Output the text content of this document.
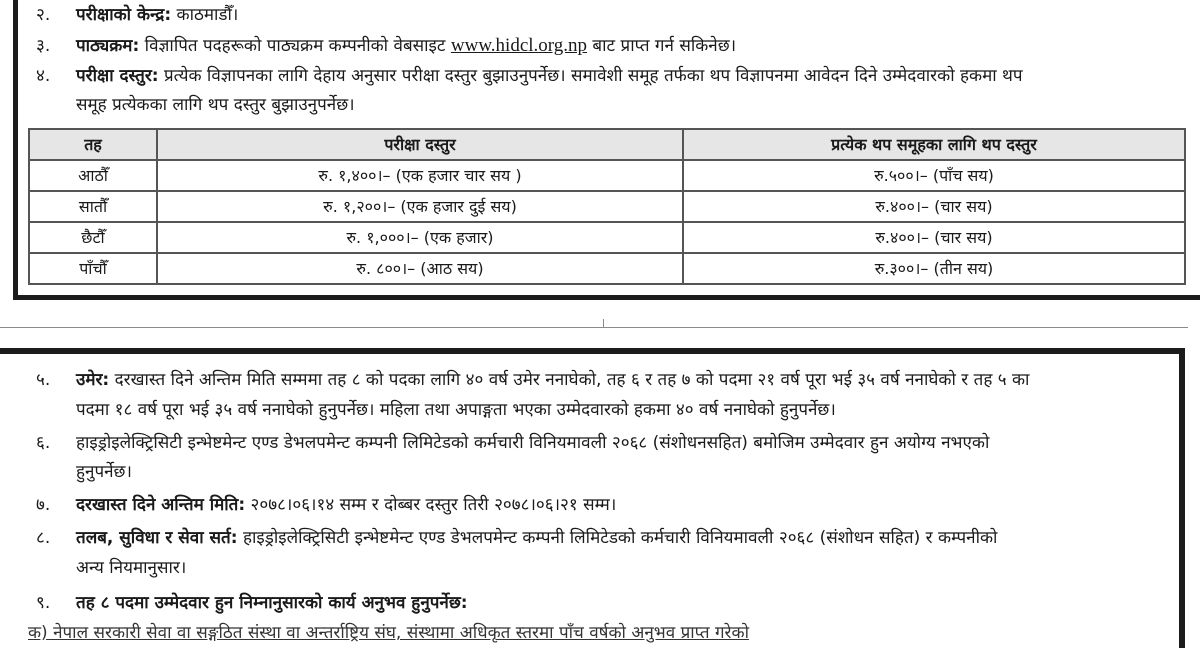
२. परीक्षाको केन्द्र: काठमाडौँ।
३. पाठ्यक्रम: विज्ञापित पदहरूको पाठ्यक्रम कम्पनीको वेबसाइट www.hidcl.org.np बाट प्राप्त गर्न सकिनेछ।
४. परीक्षा दस्तुर: प्रत्येक विज्ञापनका लागि देहाय अनुसार परीक्षा दस्तुर बुझाउनुपर्नेछ। समावेशी समूह तर्फका थप विज्ञापनमा आवेदन दिने उम्मेदवारको हकमा थप
समूह प्रत्येकका लागि थप दस्तुर बुझाउनुपर्नेछ।
तह	परीक्षा दस्तुर	प्रत्येक थप समूहका लागि थप दस्तुर
आठौँ	रु. १,४००।– (एक हजार चार सय )	रु.५००।– (पाँच सय)
सातौँ	रु. १,२००।– (एक हजार दुई सय)	रु.४००।– (चार सय)
छैटौँ	रु. १,०००।– (एक हजार)	रु.४००।– (चार सय)
पाँचौँ	रु. ८००।– (आठ सय)	रु.३००।– (तीन सय)
५. उमेर: दरखास्त दिने अन्तिम मिति सम्ममा तह ८ को पदका लागि ४० वर्ष उमेर ननाघेको, तह ६ र तह ७ को पदमा २१ वर्ष पूरा भई ३५ वर्ष ननाघेको र तह ५ का
पदमा १८ वर्ष पूरा भई ३५ वर्ष ननाघेको हुनुपर्नेछ। महिला तथा अपाङ्गता भएका उम्मेदवारको हकमा ४० वर्ष ननाघेको हुनुपर्नेछ।
६. हाइड्रोइलेक्ट्रिसिटी इन्भेष्टमेन्ट एण्ड डेभलपमेन्ट कम्पनी लिमिटेडको कर्मचारी विनियमावली २०६८ (संशोधनसहित) बमोजिम उम्मेदवार हुन अयोग्य नभएको
हुनुपर्नेछ।
७. दरखास्त दिने अन्तिम मिति: २०७८।०६।१४ सम्म र दोब्बर दस्तुर तिरी २०७८।०६।२१ सम्म।
८. तलब, सुविधा र सेवा सर्त: हाइड्रोइलेक्ट्रिसिटी इन्भेष्टमेन्ट एण्ड डेभलपमेन्ट कम्पनी लिमिटेडको कर्मचारी विनियमावली २०६८ (संशोधन सहित) र कम्पनीको
अन्य नियमानुसार।
९. तह ८ पदमा उम्मेदवार हुन निम्नानुसारको कार्य अनुभव हुनुपर्नेछ:
क) नेपाल सरकारी सेवा वा सङ्गठित संस्था वा अन्तर्राष्ट्रिय संघ, संस्थामा अधिकृत स्तरमा पाँच वर्षको अनुभव प्राप्त गरेको
